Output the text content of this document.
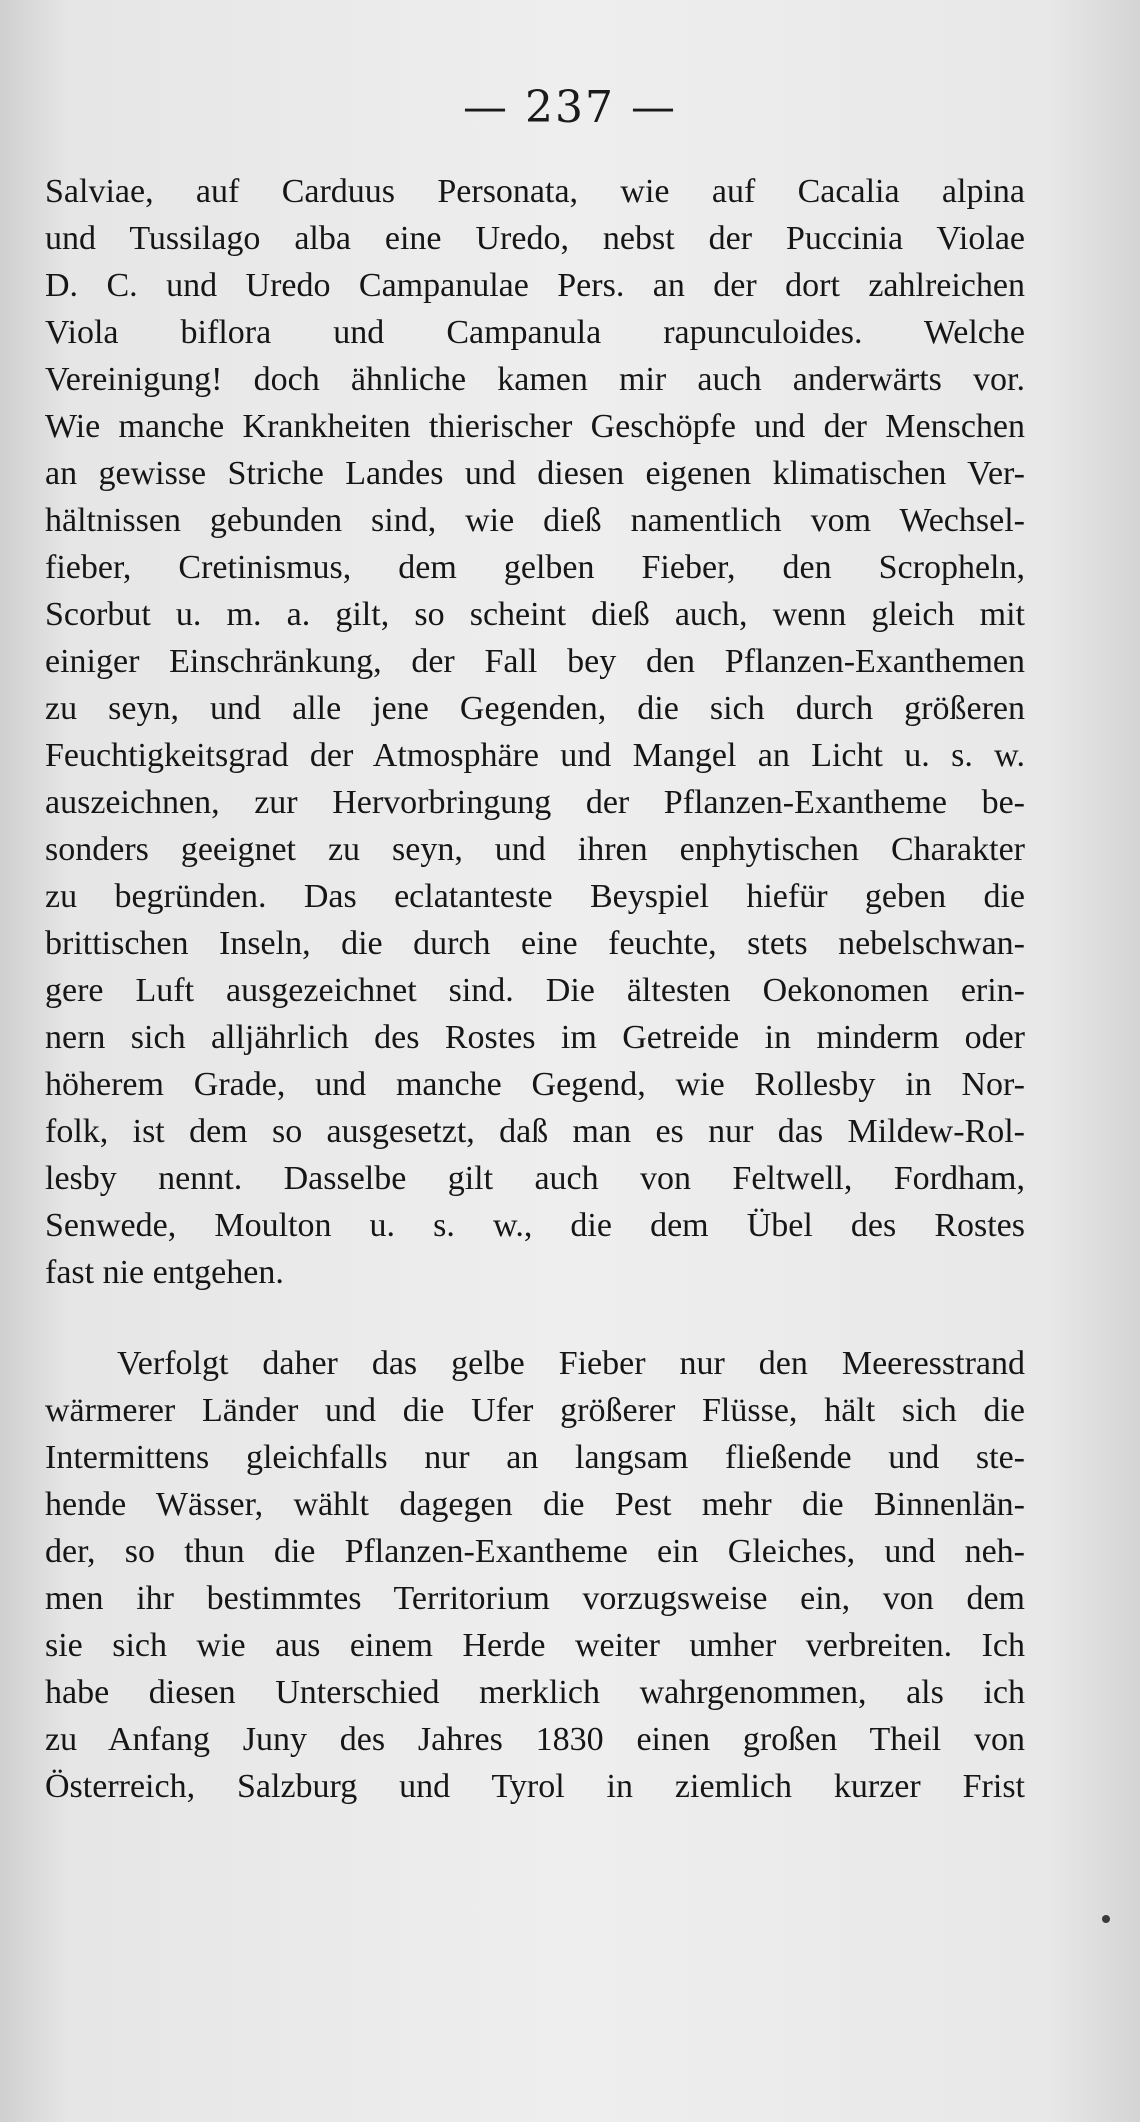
— 237 —
Salviae, auf Carduus Personata, wie auf Cacalia alpina
und Tussilago alba eine Uredo, nebst der Puccinia Violae
D. C. und Uredo Campanulae Pers. an der dort zahlreichen
Viola biflora und Campanula rapunculoides. Welche
Vereinigung! doch ähnliche kamen mir auch anderwärts vor.
Wie manche Krankheiten thierischer Geschöpfe und der Menschen
an gewisse Striche Landes und diesen eigenen klimatischen Ver-
hältnissen gebunden sind, wie dieß namentlich vom Wechsel-
fieber, Cretinismus, dem gelben Fieber, den Scropheln,
Scorbut u. m. a. gilt, so scheint dieß auch, wenn gleich mit
einiger Einschränkung, der Fall bey den Pflanzen-Exanthemen
zu seyn, und alle jene Gegenden, die sich durch größeren
Feuchtigkeitsgrad der Atmosphäre und Mangel an Licht u. s. w.
auszeichnen, zur Hervorbringung der Pflanzen-Exantheme be-
sonders geeignet zu seyn, und ihren enphytischen Charakter
zu begründen. Das eclatanteste Beyspiel hiefür geben die
brittischen Inseln, die durch eine feuchte, stets nebelschwan-
gere Luft ausgezeichnet sind. Die ältesten Oekonomen erin-
nern sich alljährlich des Rostes im Getreide in minderm oder
höherem Grade, und manche Gegend, wie Rollesby in Nor-
folk, ist dem so ausgesetzt, daß man es nur das Mildew-Rol-
lesby nennt. Dasselbe gilt auch von Feltwell, Fordham,
Senwede, Moulton u. s. w., die dem Übel des Rostes
fast nie entgehen.
Verfolgt daher das gelbe Fieber nur den Meeresstrand
wärmerer Länder und die Ufer größerer Flüsse, hält sich die
Intermittens gleichfalls nur an langsam fließende und ste-
hende Wässer, wählt dagegen die Pest mehr die Binnenlän-
der, so thun die Pflanzen-Exantheme ein Gleiches, und neh-
men ihr bestimmtes Territorium vorzugsweise ein, von dem
sie sich wie aus einem Herde weiter umher verbreiten. Ich
habe diesen Unterschied merklich wahrgenommen, als ich
zu Anfang Juny des Jahres 1830 einen großen Theil von
Österreich, Salzburg und Tyrol in ziemlich kurzer Frist
